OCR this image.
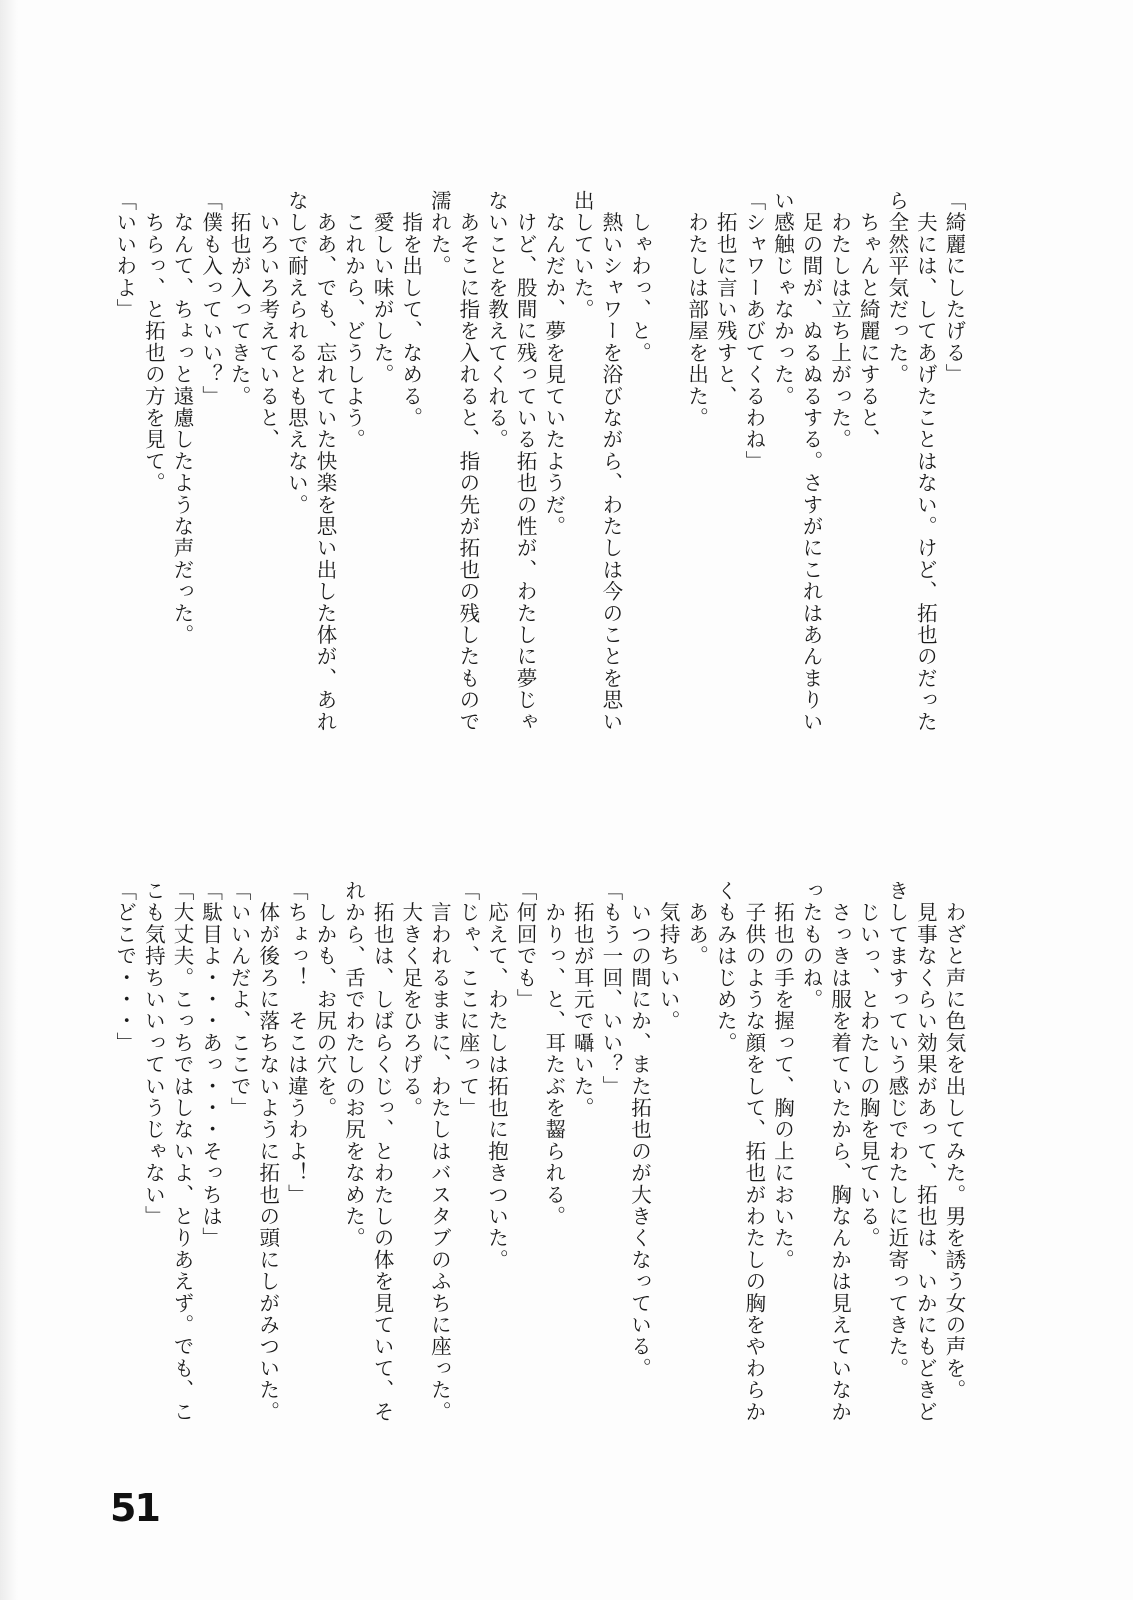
「綺麗にしたげる」
　夫には、してあげたことはない。けど、拓也のだった
ら全然平気だった。
　ちゃんと綺麗にすると、
　わたしは立ち上がった。
　足の間が、ぬるぬるする。さすがにこれはあんまりい
い感触じゃなかった。
「シャワーあびてくるわね」
　拓也に言い残すと、
　わたしは部屋を出た。
　しゃわっ、と。
　熱いシャワーを浴びながら、わたしは今のことを思い
出していた。
　なんだか、夢を見ていたようだ。
　けど、股間に残っている拓也の性が、わたしに夢じゃ
ないことを教えてくれる。
　あそこに指を入れると、指の先が拓也の残したもので
濡れた。
　指を出して、なめる。
　愛しい味がした。
　これから、どうしよう。
　ああ、でも、忘れていた快楽を思い出した体が、あれ
なしで耐えられるとも思えない。
　いろいろ考えていると、
　拓也が入ってきた。
「僕も入っていい？」
　なんて、ちょっと遠慮したような声だった。
　ちらっ、と拓也の方を見て。
「いいわよ」
　わざと声に色気を出してみた。男を誘う女の声を。
　見事なくらい効果があって、拓也は、いかにもどきど
きしてますっていう感じでわたしに近寄ってきた。
　じいっ、とわたしの胸を見ている。
　さっきは服を着ていたから、胸なんかは見えていなか
ったものね。
　拓也の手を握って、胸の上においた。
　子供のような顔をして、拓也がわたしの胸をやわらか
くもみはじめた。
　ああ。
　気持ちいい。
　いつの間にか、また拓也のが大きくなっている。
「もう一回、いい？」
　拓也が耳元で囁いた。
　かりっ、と、耳たぶを齧られる。
「何回でも」
　応えて、わたしは拓也に抱きついた。
「じゃ、ここに座って」
　言われるままに、わたしはバスタブのふちに座った。
　大きく足をひろげる。
　拓也は、しばらくじっ、とわたしの体を見ていて、そ
れから、舌でわたしのお尻をなめた。
　しかも、お尻の穴を。
「ちょっ！　そこは違うわよ！」
　体が後ろに落ちないように拓也の頭にしがみついた。
「いいんだよ、ここで」
「駄目よ・・・あっ・・・そっちは」
「大丈夫。こっちではしないよ、とりあえず。でも、こ
こも気持ちいいっていうじゃない」
「どこで・・・」
51
